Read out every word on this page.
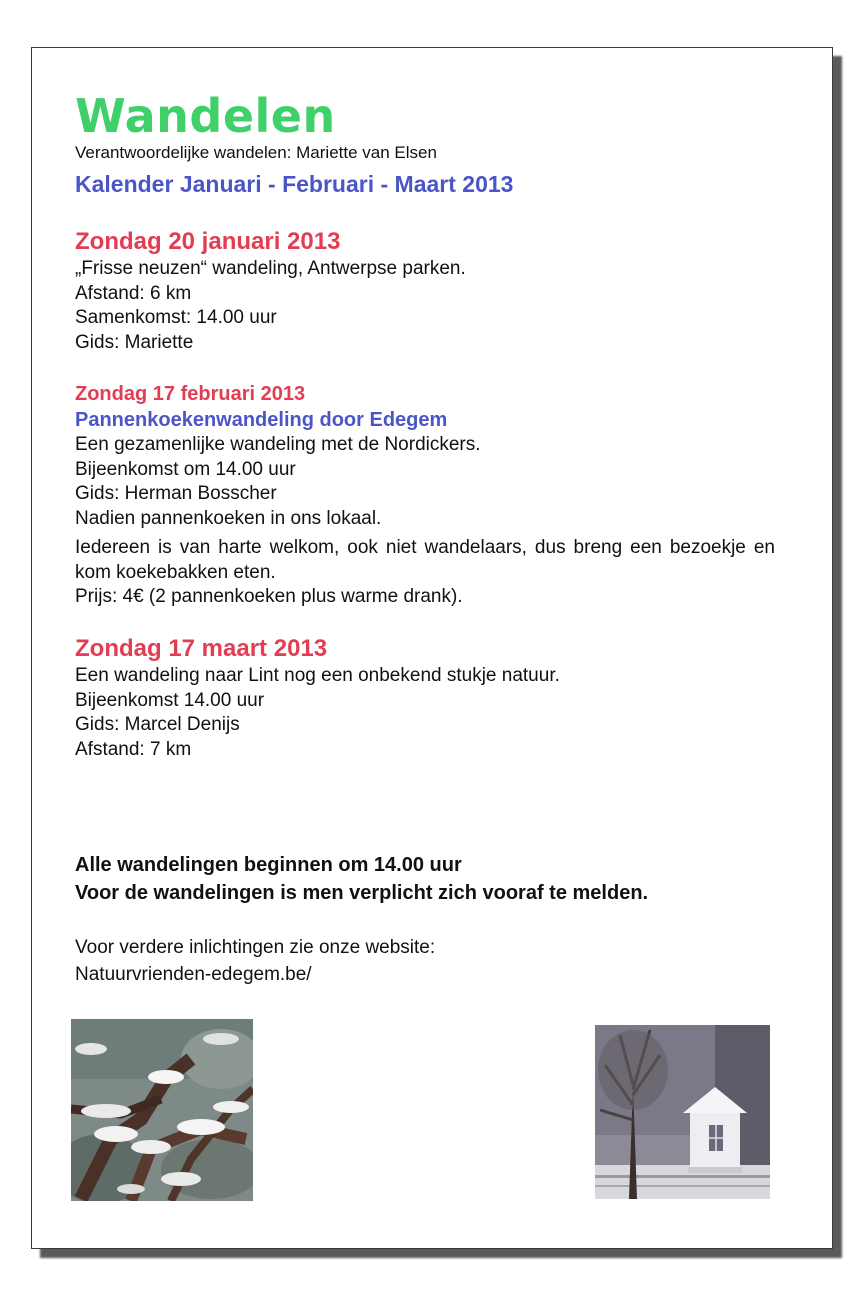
Wandelen
Verantwoordelijke wandelen: Mariette van Elsen
Kalender Januari - Februari - Maart 2013
Zondag 20 januari 2013
„Frisse neuzen“ wandeling, Antwerpse parken.
Afstand: 6 km
Samenkomst: 14.00 uur
Gids: Mariette
Zondag 17 februari 2013
Pannenkoekenwandeling door Edegem
Een gezamenlijke wandeling met de Nordickers.
Bijeenkomst om 14.00 uur
Gids: Herman Bosscher
Nadien pannenkoeken in ons lokaal.
Iedereen is van harte welkom, ook niet wandelaars, dus breng een bezoekje en kom koekebakken eten.
Prijs: 4€ (2 pannenkoeken plus warme drank).
Zondag 17 maart 2013
Een wandeling naar Lint nog een onbekend stukje natuur.
Bijeenkomst 14.00 uur
Gids: Marcel Denijs
Afstand: 7 km
Alle wandelingen beginnen om 14.00 uur
Voor de wandelingen is men verplicht zich vooraf te melden.
Voor verdere inlichtingen zie onze website:
Natuurvrienden-edegem.be/
